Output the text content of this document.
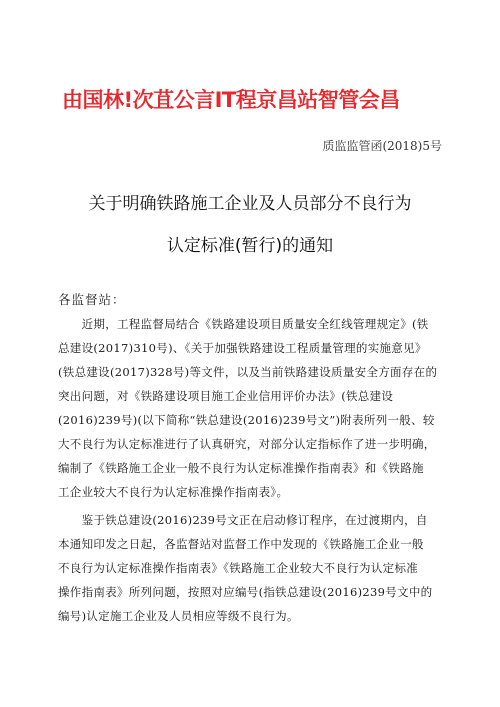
由国林!次苴公言IT程京昌站智管会昌
质监监管函(2018)5号
关于明确铁路施工企业及人员部分不良行为
认定标准(暂行)的通知
各监督站：
　　近期，工程监督局结合《铁路建设项目质量安全红线管理规定》(铁
总建设(2017)310号)、《关于加强铁路建设工程质量管理的实施意见》
(铁总建设(2017)328号)等文件，以及当前铁路建设质量安全方面存在的
突出问题，对《铁路建设项目施工企业信用评价办法》(铁总建设
(2016)239号)(以下简称“铁总建设(2016)239号文”)附表所列一般、较
大不良行为认定标准进行了认真研究，对部分认定指标作了进一步明确，
编制了《铁路施工企业一般不良行为认定标准操作指南表》和《铁路施
工企业较大不良行为认定标准操作指南表》。
　　鉴于铁总建设(2016)239号文正在启动修订程序，在过渡期内，自
本通知印发之日起，各监督站对监督工作中发现的《铁路施工企业一般
不良行为认定标准操作指南表》《铁路施工企业较大不良行为认定标准
操作指南表》所列问题，按照对应编号(指铁总建设(2016)239号文中的
编号)认定施工企业及人员相应等级不良行为。
